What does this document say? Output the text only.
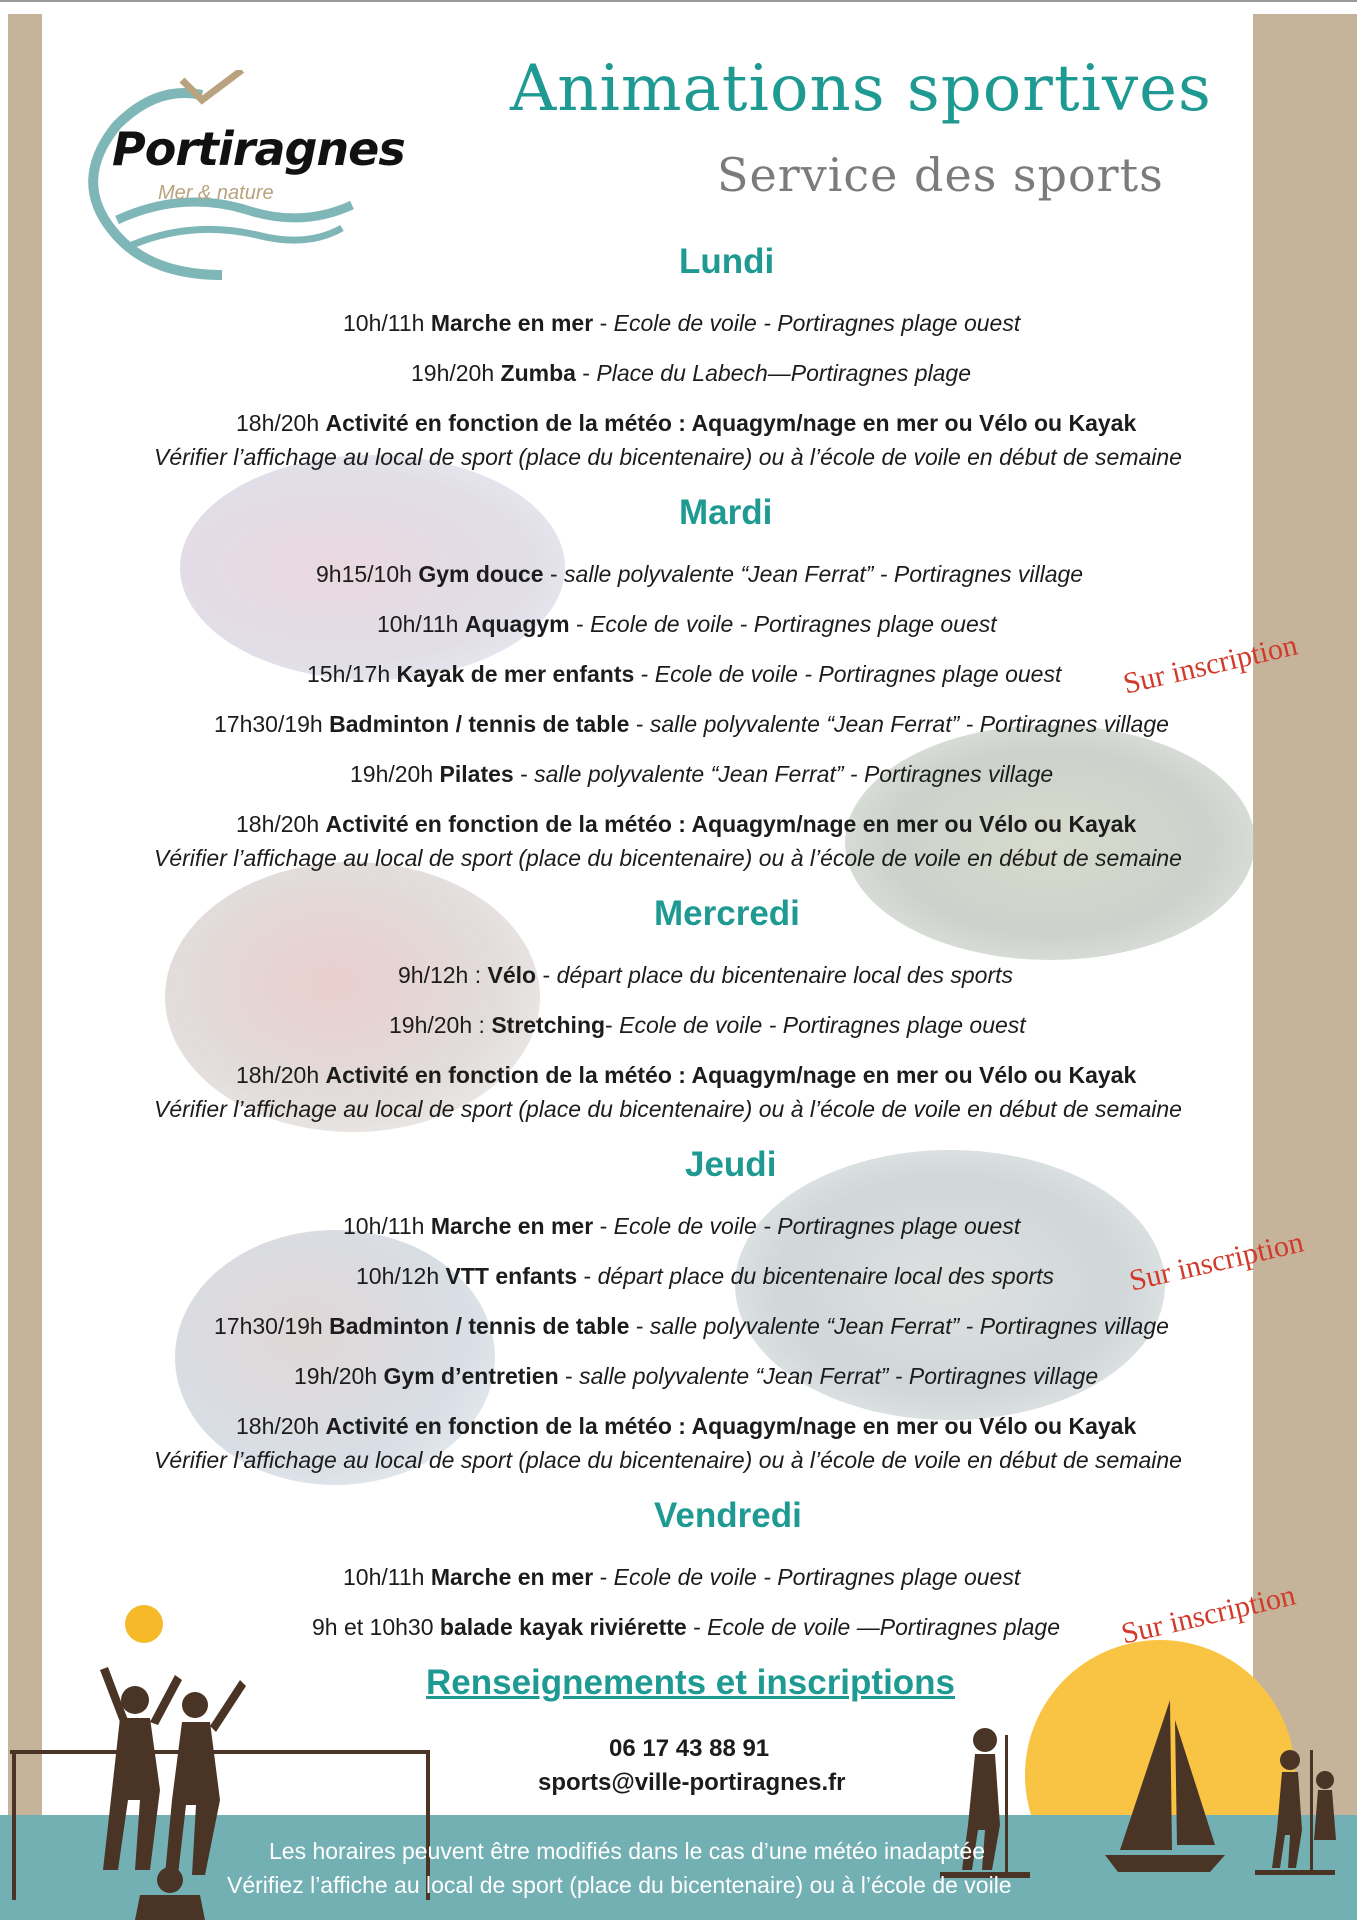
Portiragnes
Mer & nature
Animations sportives
Service des sports
Lundi
10h/11h Marche en mer - Ecole de voile - Portiragnes plage ouest
19h/20h Zumba - Place du Labech—Portiragnes plage
18h/20h Activité en fonction de la météo : Aquagym/nage en mer ou Vélo ou Kayak
Vérifier l’affichage au local de sport (place du bicentenaire) ou à l’école de voile en début de semaine
Mardi
9h15/10h Gym douce - salle polyvalente “Jean Ferrat” - Portiragnes village
10h/11h Aquagym - Ecole de voile - Portiragnes plage ouest
15h/17h Kayak de mer enfants - Ecole de voile - Portiragnes plage ouest Sur inscription
17h30/19h Badminton / tennis de table - salle polyvalente “Jean Ferrat” - Portiragnes village
19h/20h Pilates - salle polyvalente “Jean Ferrat” - Portiragnes village
18h/20h Activité en fonction de la météo : Aquagym/nage en mer ou Vélo ou Kayak
Vérifier l’affichage au local de sport (place du bicentenaire) ou à l’école de voile en début de semaine
Mercredi
9h/12h : Vélo - départ place du bicentenaire local des sports
19h/20h : Stretching- Ecole de voile - Portiragnes plage ouest
18h/20h Activité en fonction de la météo : Aquagym/nage en mer ou Vélo ou Kayak
Vérifier l’affichage au local de sport (place du bicentenaire) ou à l’école de voile en début de semaine
Jeudi
10h/11h Marche en mer - Ecole de voile - Portiragnes plage ouest
10h/12h VTT enfants - départ place du bicentenaire local des sports Sur inscription
17h30/19h Badminton / tennis de table - salle polyvalente “Jean Ferrat” - Portiragnes village
19h/20h Gym d’entretien - salle polyvalente “Jean Ferrat” - Portiragnes village
18h/20h Activité en fonction de la météo : Aquagym/nage en mer ou Vélo ou Kayak
Vérifier l’affichage au local de sport (place du bicentenaire) ou à l’école de voile en début de semaine
Vendredi
10h/11h Marche en mer - Ecole de voile - Portiragnes plage ouest
9h et 10h30 balade kayak riviérette - Ecole de voile —Portiragnes plage Sur inscription
Renseignements et inscriptions
06 17 43 88 91
sports@ville-portiragnes.fr
Les horaires peuvent être modifiés dans le cas d’une météo inadaptée
Vérifiez l’affiche au local de sport (place du bicentenaire) ou à l’école de voile
